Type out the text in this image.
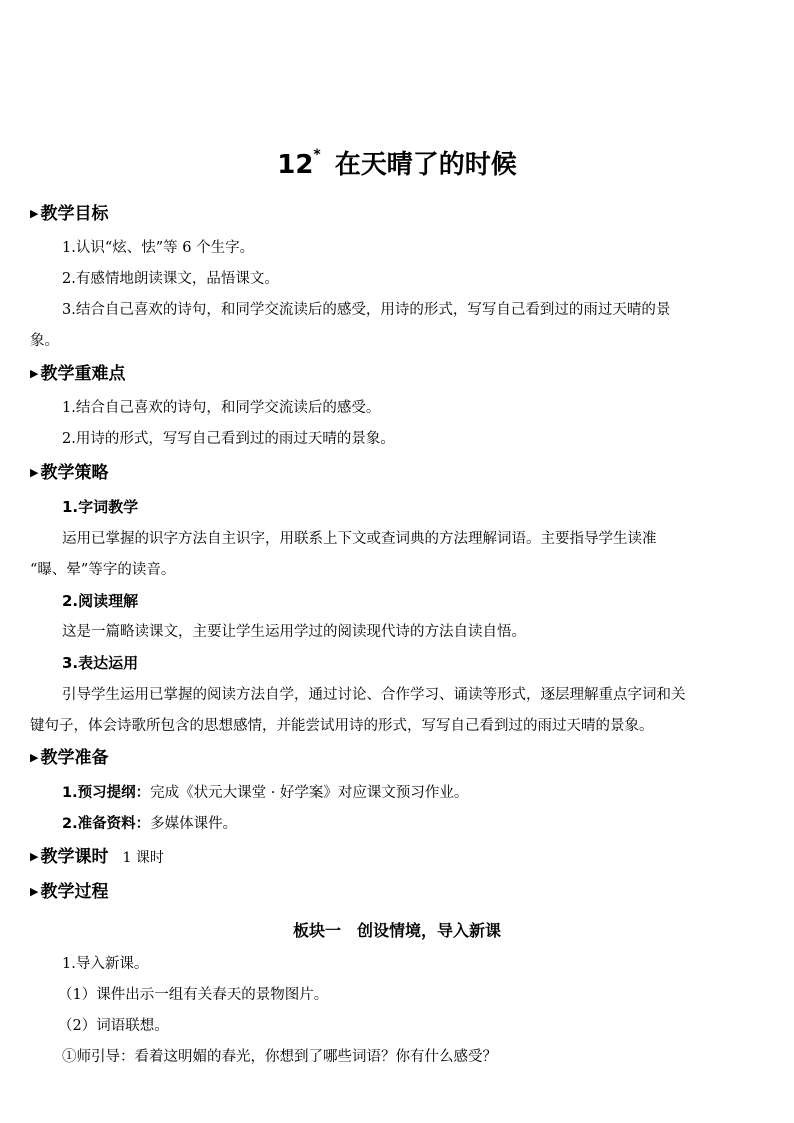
12* 在天晴了的时候
▶ 教学目标
1.认识“炫、怯”等 6 个生字。
2.有感情地朗读课文，品悟课文。
3.结合自己喜欢的诗句，和同学交流读后的感受，用诗的形式，写写自己看到过的雨过天晴的景
象。
▶ 教学重难点
1.结合自己喜欢的诗句，和同学交流读后的感受。
2.用诗的形式，写写自己看到过的雨过天晴的景象。
▶ 教学策略
1.字词教学
运用已掌握的识字方法自主识字，用联系上下文或查词典的方法理解词语。主要指导学生读准
“曝、晕”等字的读音。
2.阅读理解
这是一篇略读课文，主要让学生运用学过的阅读现代诗的方法自读自悟。
3.表达运用
引导学生运用已掌握的阅读方法自学，通过讨论、合作学习、诵读等形式，逐层理解重点字词和关
键句子，体会诗歌所包含的思想感情，并能尝试用诗的形式，写写自己看到过的雨过天晴的景象。
▶ 教学准备
1.预习提纲：完成《状元大课堂 · 好学案》对应课文预习作业。
2.准备资料：多媒体课件。
▶ 教学课时 1 课时
▶ 教学过程
板块一　创设情境，导入新课
1.导入新课。
（1）课件出示一组有关春天的景物图片。
（2）词语联想。
①师引导：看着这明媚的春光，你想到了哪些词语？你有什么感受？
